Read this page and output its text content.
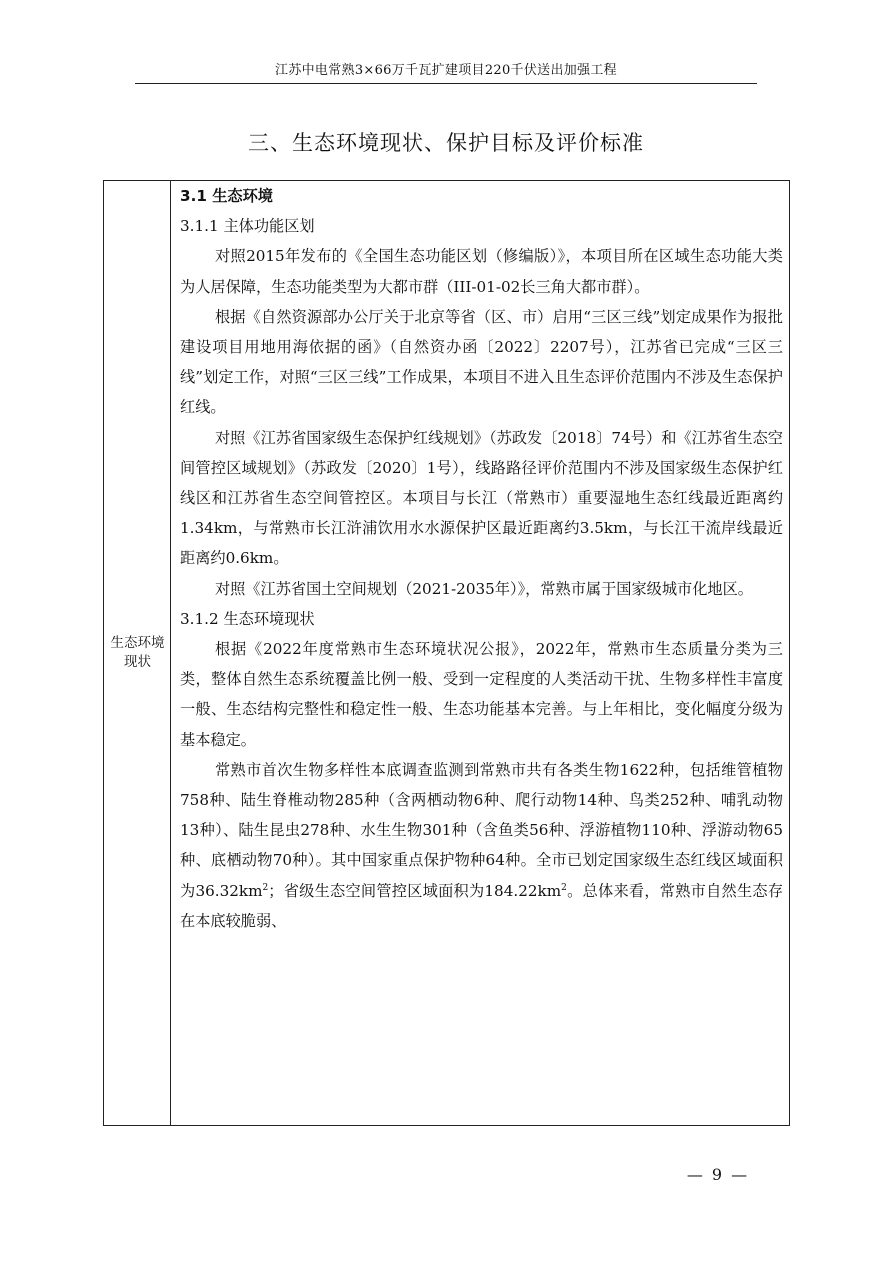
江苏中电常熟3×66万千瓦扩建项目220千伏送出加强工程
三、生态环境现状、保护目标及评价标准
生态环境现状

3.1 生态环境

3.1.1 主体功能区划

对照2015年发布的《全国生态功能区划（修编版）》，本项目所在区域生态功能大类为人居保障，生态功能类型为大都市群（III-01-02长三角大都市群）。

根据《自然资源部办公厅关于北京等省（区、市）启用“三区三线”划定成果作为报批建设项目用地用海依据的函》（自然资办函〔2022〕2207号），江苏省已完成“三区三线”划定工作，对照“三区三线”工作成果，本项目不进入且生态评价范围内不涉及生态保护红线。

对照《江苏省国家级生态保护红线规划》（苏政发〔2018〕74号）和《江苏省生态空间管控区域规划》（苏政发〔2020〕1号），线路路径评价范围内不涉及国家级生态保护红线区和江苏省生态空间管控区。本项目与长江（常熟市）重要湿地生态红线最近距离约1.34km，与常熟市长江浒浦饮用水水源保护区最近距离约3.5km，与长江干流岸线最近距离约0.6km。

对照《江苏省国土空间规划（2021-2035年）》，常熟市属于国家级城市化地区。

3.1.2 生态环境现状

根据《2022年度常熟市生态环境状况公报》，2022年，常熟市生态质量分类为三类，整体自然生态系统覆盖比例一般、受到一定程度的人类活动干扰、生物多样性丰富度一般、生态结构完整性和稳定性一般、生态功能基本完善。与上年相比，变化幅度分级为基本稳定。

常熟市首次生物多样性本底调查监测到常熟市共有各类生物1622种，包括维管植物758种、陆生脊椎动物285种（含两栖动物6种、爬行动物14种、鸟类252种、哺乳动物13种）、陆生昆虫278种、水生生物301种（含鱼类56种、浮游植物110种、浮游动物65种、底栖动物70种）。其中国家重点保护物种64种。全市已划定国家级生态红线区域面积为$36.32km^2$；省级生态空间管控区域面积为$184.22km^2$。总体来看，常熟市自然生态存在本底较脆弱、

— 9 —
